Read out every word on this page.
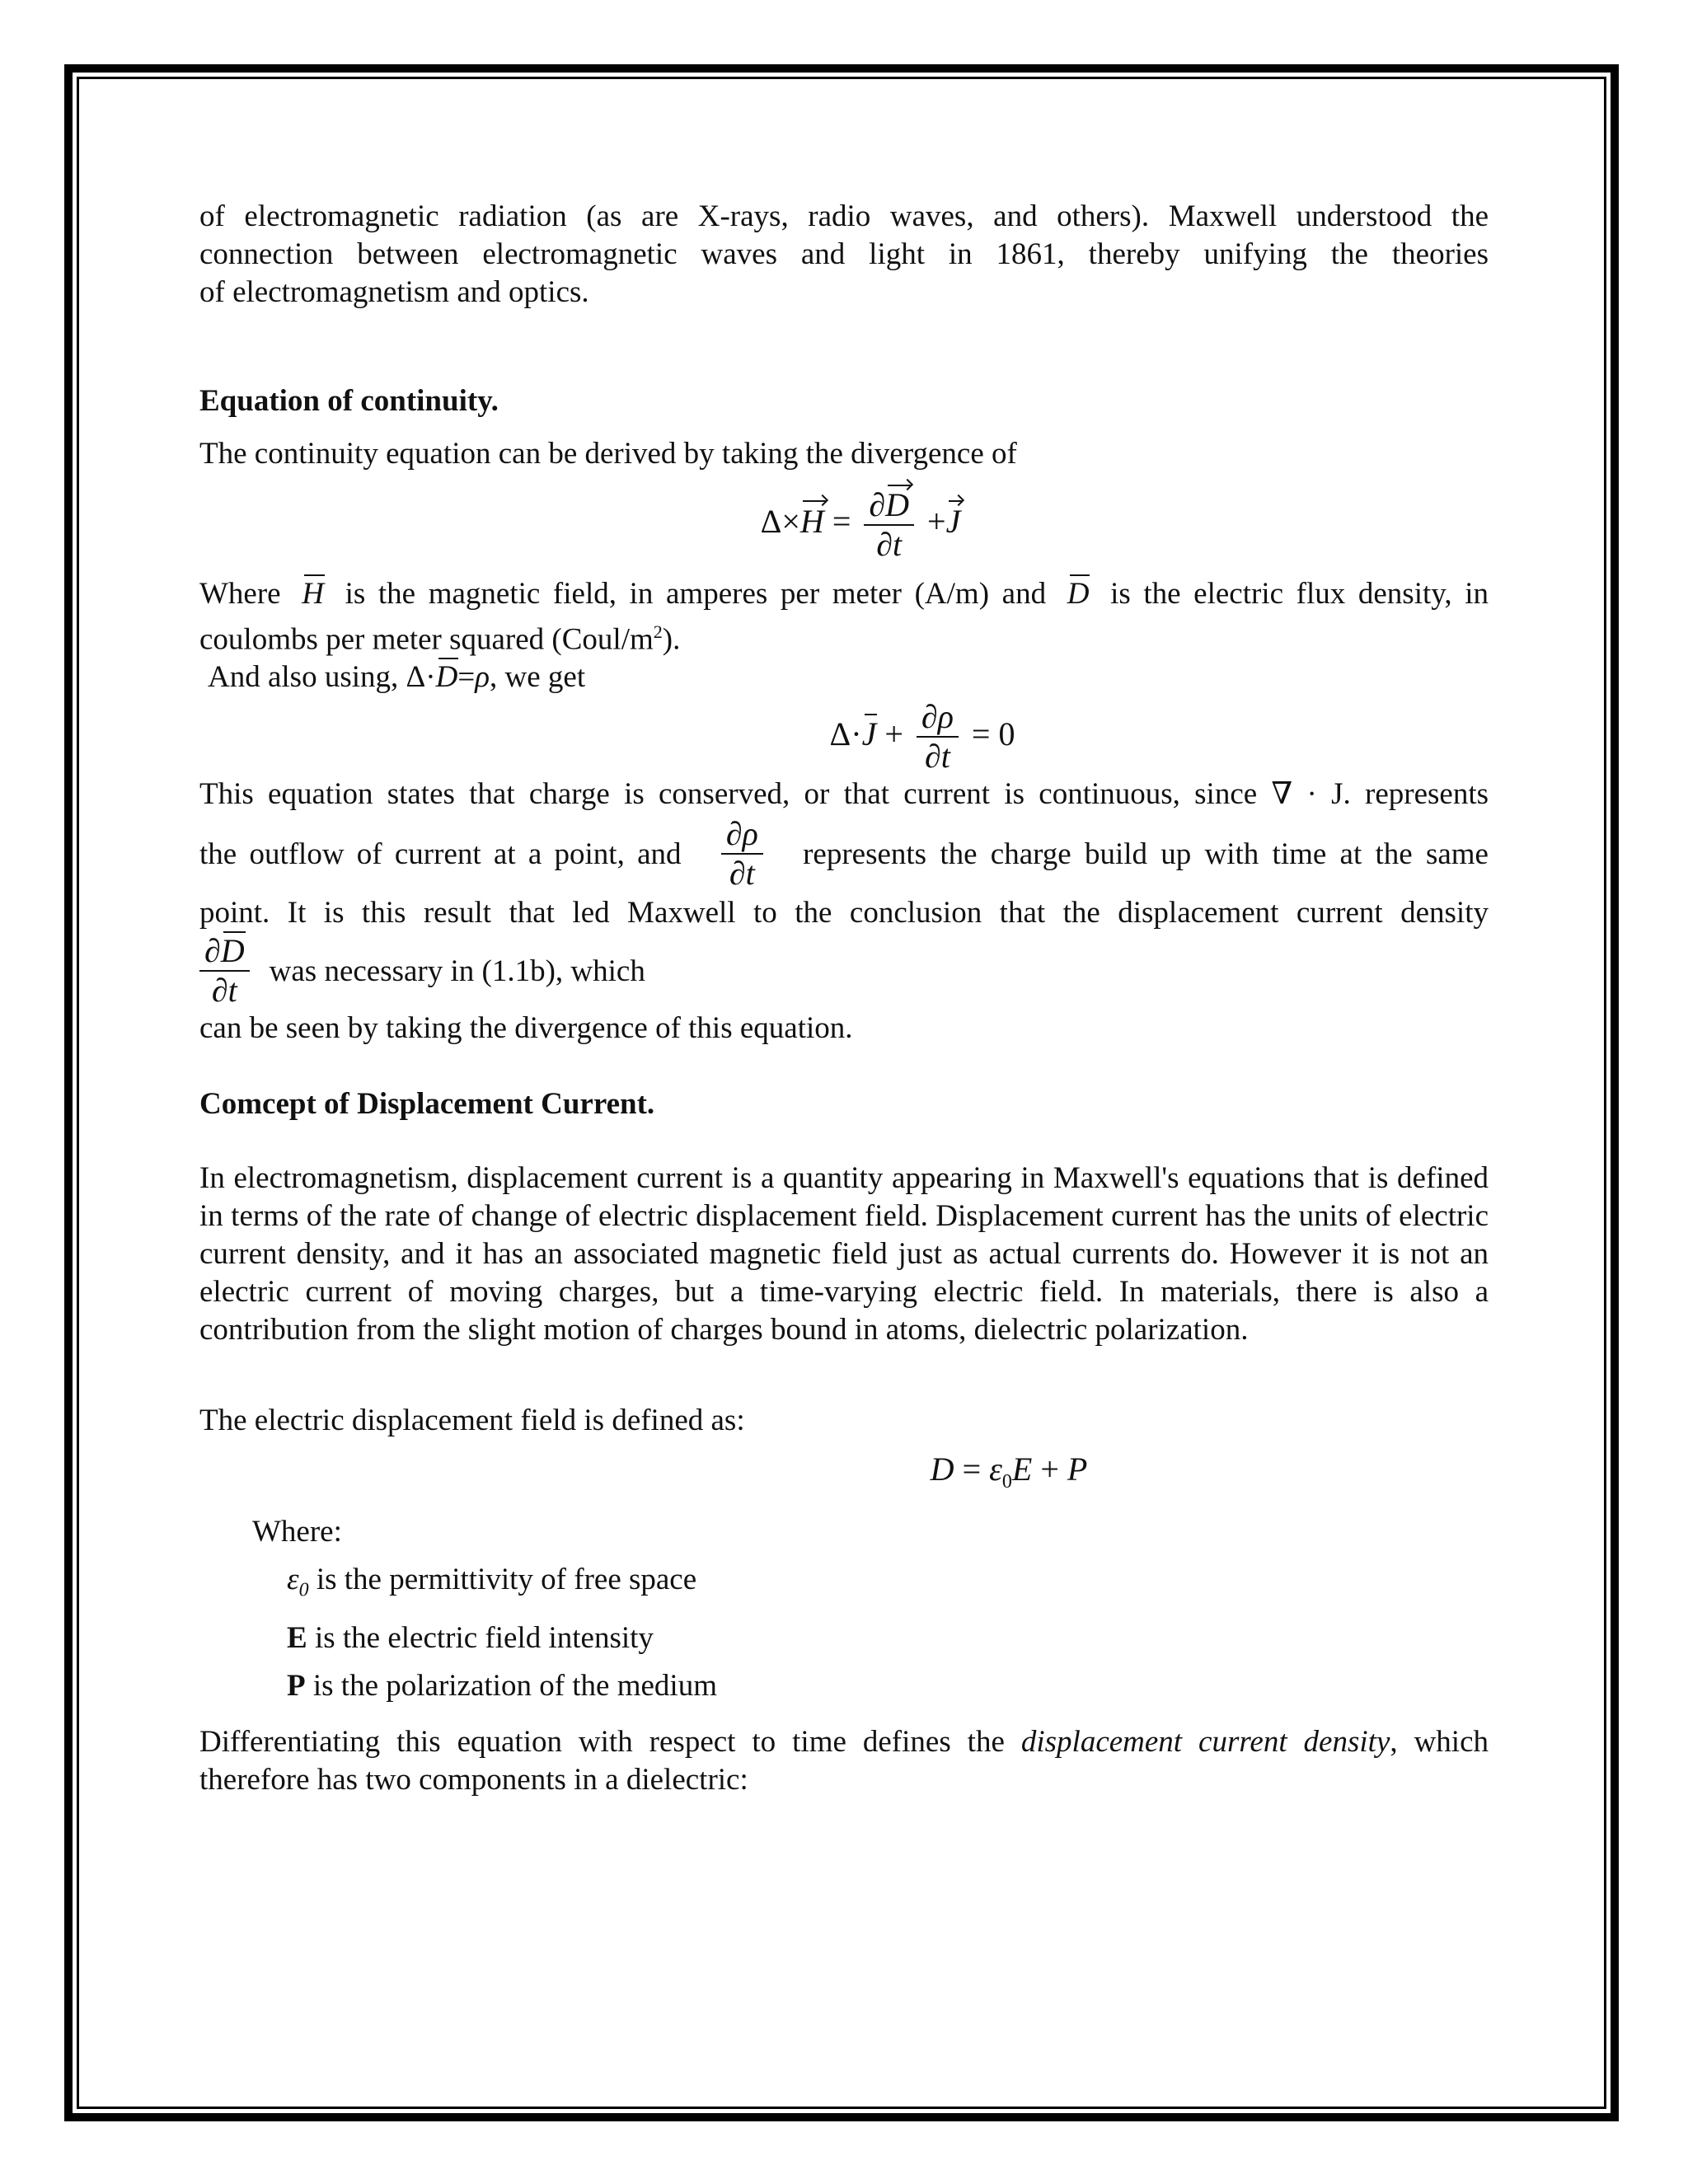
of electromagnetic radiation (as are X-rays, radio waves, and others). Maxwell understood the

connection between electromagnetic waves and light in 1861, thereby unifying the theories

of electromagnetism and optics.

Equation of continuity.

The continuity equation can be derived by taking the divergence of

$\Delta\times H = \frac{\partial D}{\partial t} +J$

Where H is the magnetic field, in amperes per meter (A/m) and D is the electric flux density, in

coulombs per meter squared $(Coul/m^2)$.

And also using, Δ·D=ρ, we get

$\Delta\cdot J + \frac{\partial\rho}{\partial t} = 0$

This equation states that charge is conserved, or that current is continuous, since ∇ · J. represents

the outflow of current at a point, and $\frac{\partial\rho}{\partial t}$ represents the charge build up with time at the same

point. It is this result that led Maxwell to the conclusion that the displacement current density

$\frac{\partial D}{\partial t}$ was necessary in (1.1b), which

can be seen by taking the divergence of this equation.

Comcept of Displacement Current.

In electromagnetism, displacement current is a quantity appearing in Maxwell's equations that is defined in terms of the rate of change of electric displacement field. Displacement current has the units of electric current density, and it has an associated magnetic field just as actual currents do. However it is not an electric current of moving charges, but a time-varying electric field. In materials, there is also a contribution from the slight motion of charges bound in atoms, dielectric polarization.

The electric displacement field is defined as:

$D = \varepsilon_0E + P$

Where:

$\varepsilon_0$ is the permittivity of free space
E is the electric field intensity
P is the polarization of the medium

Differentiating this equation with respect to time defines the displacement current density, which

therefore has two components in a dielectric:
